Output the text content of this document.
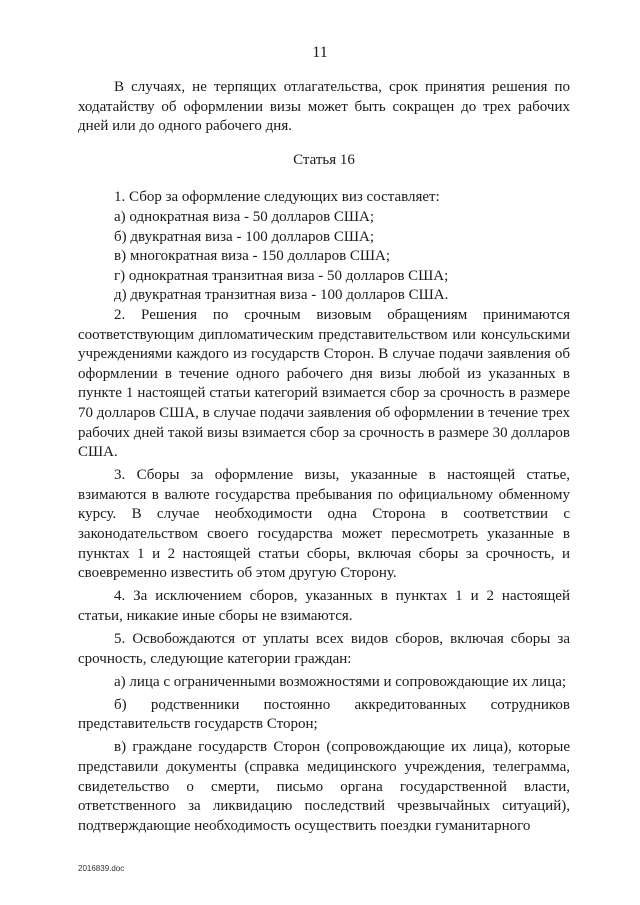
11

В случаях, не терпящих отлагательства, срок принятия решения по ходатайству об оформлении визы может быть сокращен до трех рабочих дней или до одного рабочего дня.

Статья 16

1. Сбор за оформление следующих виз составляет:

а) однократная виза - 50 долларов США;

б) двукратная виза - 100 долларов США;

в) многократная виза - 150 долларов США;

г) однократная транзитная виза - 50 долларов США;

д) двукратная транзитная виза - 100 долларов США.

2. Решения по срочным визовым обращениям принимаются соответствующим дипломатическим представительством или консульскими учреждениями каждого из государств Сторон. В случае подачи заявления об оформлении в течение одного рабочего дня визы любой из указанных в пункте 1 настоящей статьи категорий взимается сбор за срочность в размере 70 долларов США, в случае подачи заявления об оформлении в течение трех рабочих дней такой визы взимается сбор за срочность в размере 30 долларов США.

3. Сборы за оформление визы, указанные в настоящей статье, взимаются в валюте государства пребывания по официальному обменному курсу. В случае необходимости одна Сторона в соответствии с законодательством своего государства может пересмотреть указанные в пунктах 1 и 2 настоящей статьи сборы, включая сборы за срочность, и своевременно известить об этом другую Сторону.

4. За исключением сборов, указанных в пунктах 1 и 2 настоящей статьи, никакие иные сборы не взимаются.

5. Освобождаются от уплаты всех видов сборов, включая сборы за срочность, следующие категории граждан:

а) лица с ограниченными возможностями и сопровождающие их лица;

б) родственники постоянно аккредитованных сотрудников представительств государств Сторон;

в) граждане государств Сторон (сопровождающие их лица), которые представили документы (справка медицинского учреждения, телеграмма, свидетельство о смерти, письмо органа государственной власти, ответственного за ликвидацию последствий чрезвычайных ситуаций), подтверждающие необходимость осуществить поездки гуманитарного

2016839.doc
